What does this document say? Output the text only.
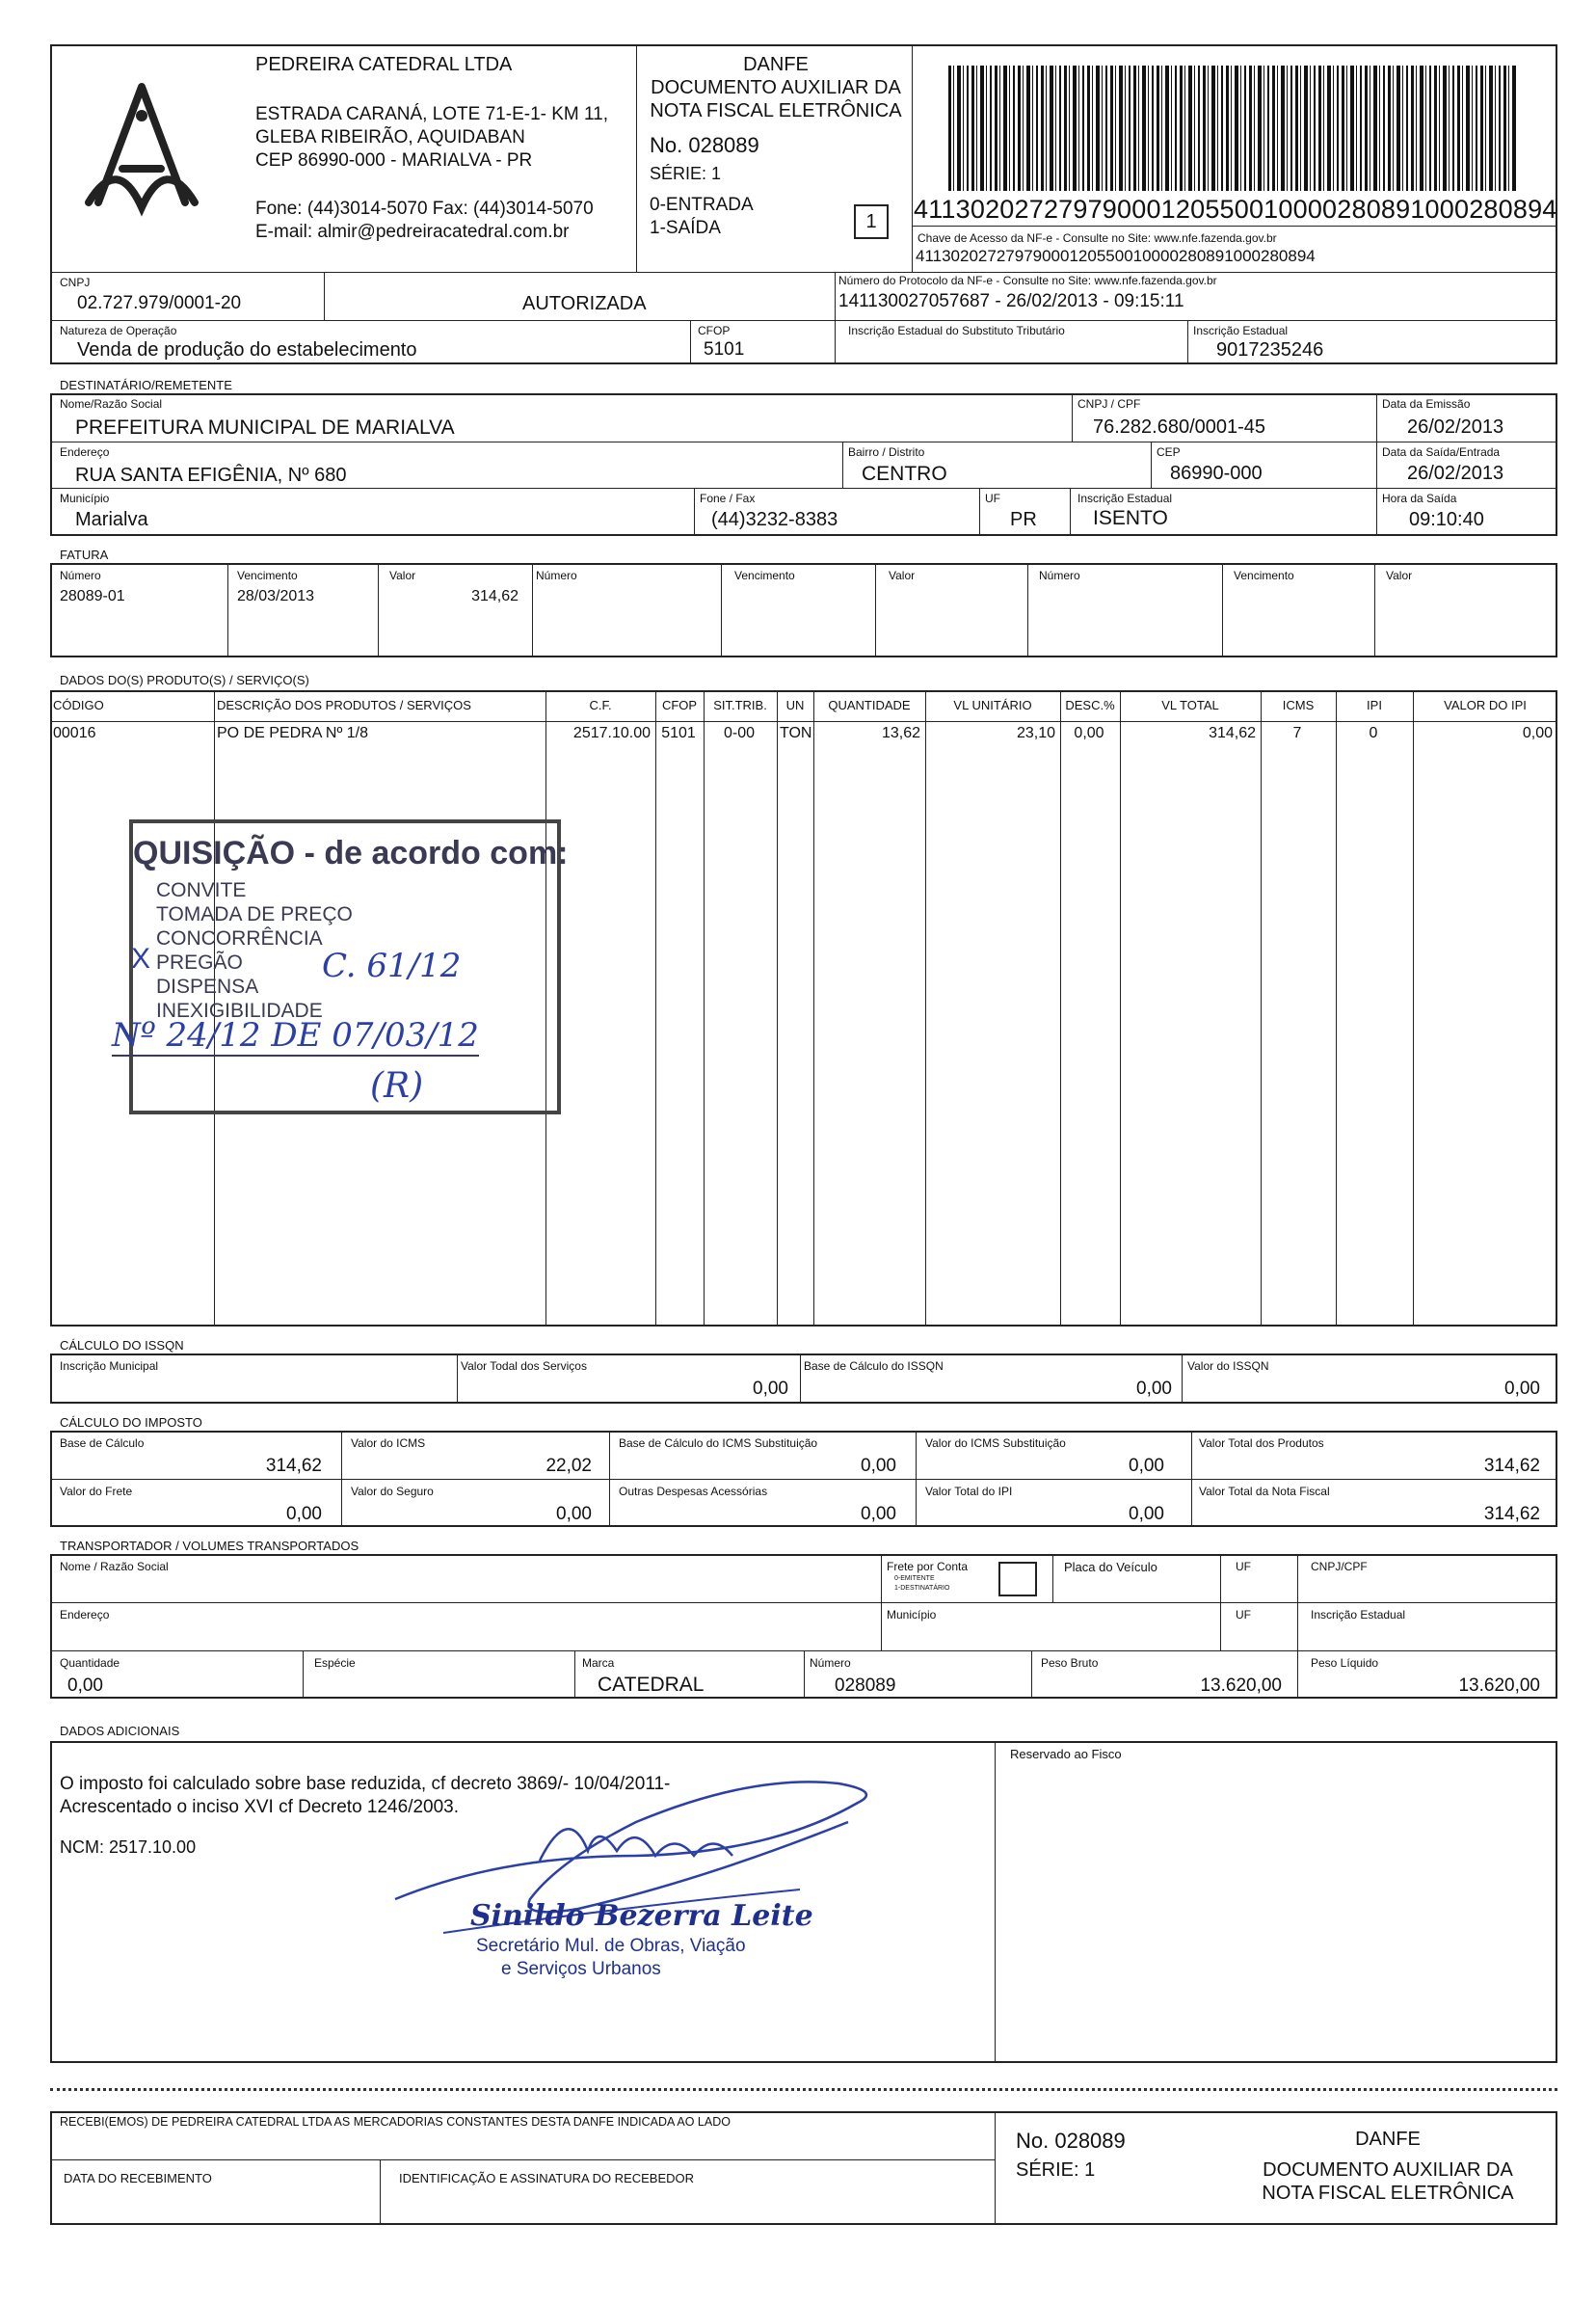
PEDREIRA CATEDRAL LTDA
ESTRADA CARANÁ, LOTE 71-E-1- KM 11,
GLEBA RIBEIRÃO, AQUIDABAN
CEP 86990-000 - MARIALVA - PR
Fone: (44)3014-5070 Fax: (44)3014-5070
E-mail: almir@pedreiracatedral.com.br
DANFE
DOCUMENTO AUXILIAR DA
NOTA FISCAL ELETRÔNICA
No. 028089
SÉRIE: 1
0-ENTRADA
1-SAÍDA	1	41130202727979000120550010000280891000280894
Chave de Acesso da NF-e - Consulte no Site: www.nfe.fazenda.gov.br
41130202727979000120550010000280891000280894
CNPJ
02.727.979/0001-20	AUTORIZADA
Número do Protocolo da NF-e - Consulte no Site: www.nfe.fazenda.gov.br
141130027057687 - 26/02/2013 - 09:15:11
Natureza de Operação
Venda de produção do estabelecimento
CFOP
5101
Inscrição Estadual do Substituto Tributário	Inscrição Estadual
9017235246
DESTINATÁRIO/REMETENTE
Nome/Razão Social
PREFEITURA MUNICIPAL DE MARIALVA
CNPJ / CPF
76.282.680/0001-45
Data da Emissão
26/02/2013
Endereço
RUA SANTA EFIGÊNIA, Nº 680
Bairro / Distrito
CENTRO
CEP
86990-000
Data da Saída/Entrada
26/02/2013
Município
Marialva
Fone / Fax
(44)3232-8383
UF
PR
Inscrição Estadual
ISENTO
Hora da Saída
09:10:40
FATURA
Número	Vencimento	Valor	Número	Vencimento	Valor	Número	Vencimento	Valor
28089-01	28/03/2013	314,62
DADOS DO(S) PRODUTO(S) / SERVIÇO(S)
CÓDIGO	DESCRIÇÃO DOS PRODUTOS / SERVIÇOS	C.F.	CFOP	SIT.TRIB.	UN	QUANTIDADE	VL UNITÁRIO	DESC.%	VL TOTAL	ICMS	IPI	VALOR DO IPI
00016	PO DE PEDRA Nº 1/8	2517.10.00 5101	0-00	TON	13,62	23,10	0,00	314,62	7	0	0,00
QUISIÇÃO - de acordo com:
CONVITE
TOMADA DE PREÇO
CONCORRÊNCIA
PREGÃO
DISPENSA
INEXIGIBILIDADE
X	C. 61/12
Nº 24/12 DE 07/03/12
(R)
CÁLCULO DO ISSQN
Inscrição Municipal	Valor Todal dos Serviços
0,00
Base de Cálculo do ISSQN
0,00
Valor do ISSQN
0,00
CÁLCULO DO IMPOSTO
Base de Cálculo
314,62
Valor do ICMS
22,02
Base de Cálculo do ICMS Substituição
0,00
Valor do ICMS Substituição
0,00
Valor Total dos Produtos
314,62
Valor do Frete
0,00
Valor do Seguro
0,00
Outras Despesas Acessórias
0,00
Valor Total do IPI
0,00
Valor Total da Nota Fiscal
314,62
TRANSPORTADOR / VOLUMES TRANSPORTADOS
Nome / Razão Social	Frete por Conta
0-EMITENTE
1-DESTINATÁRIO
Placa do Veículo	UF	CNPJ/CPF
Endereço	Município	UF	Inscrição Estadual
Quantidade
0,00
Espécie	Marca
CATEDRAL
Número
028089
Peso Bruto
13.620,00
Peso Líquido
13.620,00
DADOS ADICIONAIS
O imposto foi calculado sobre base reduzida, cf decreto 3869/- 10/04/2011-
Acrescentado o inciso XVI cf Decreto 1246/2003.
NCM: 2517.10.00
Reservado ao Fisco
Sinildo Bezerra Leite
Secretário Mul. de Obras, Viação
e Serviços Urbanos
RECEBI(EMOS) DE PEDREIRA CATEDRAL LTDA AS MERCADORIAS CONSTANTES DESTA DANFE INDICADA AO LADO
DATA DO RECEBIMENTO	IDENTIFICAÇÃO E ASSINATURA DO RECEBEDOR
No. 028089
SÉRIE: 1
DANFE
DOCUMENTO AUXILIAR DA
NOTA FISCAL ELETRÔNICA
